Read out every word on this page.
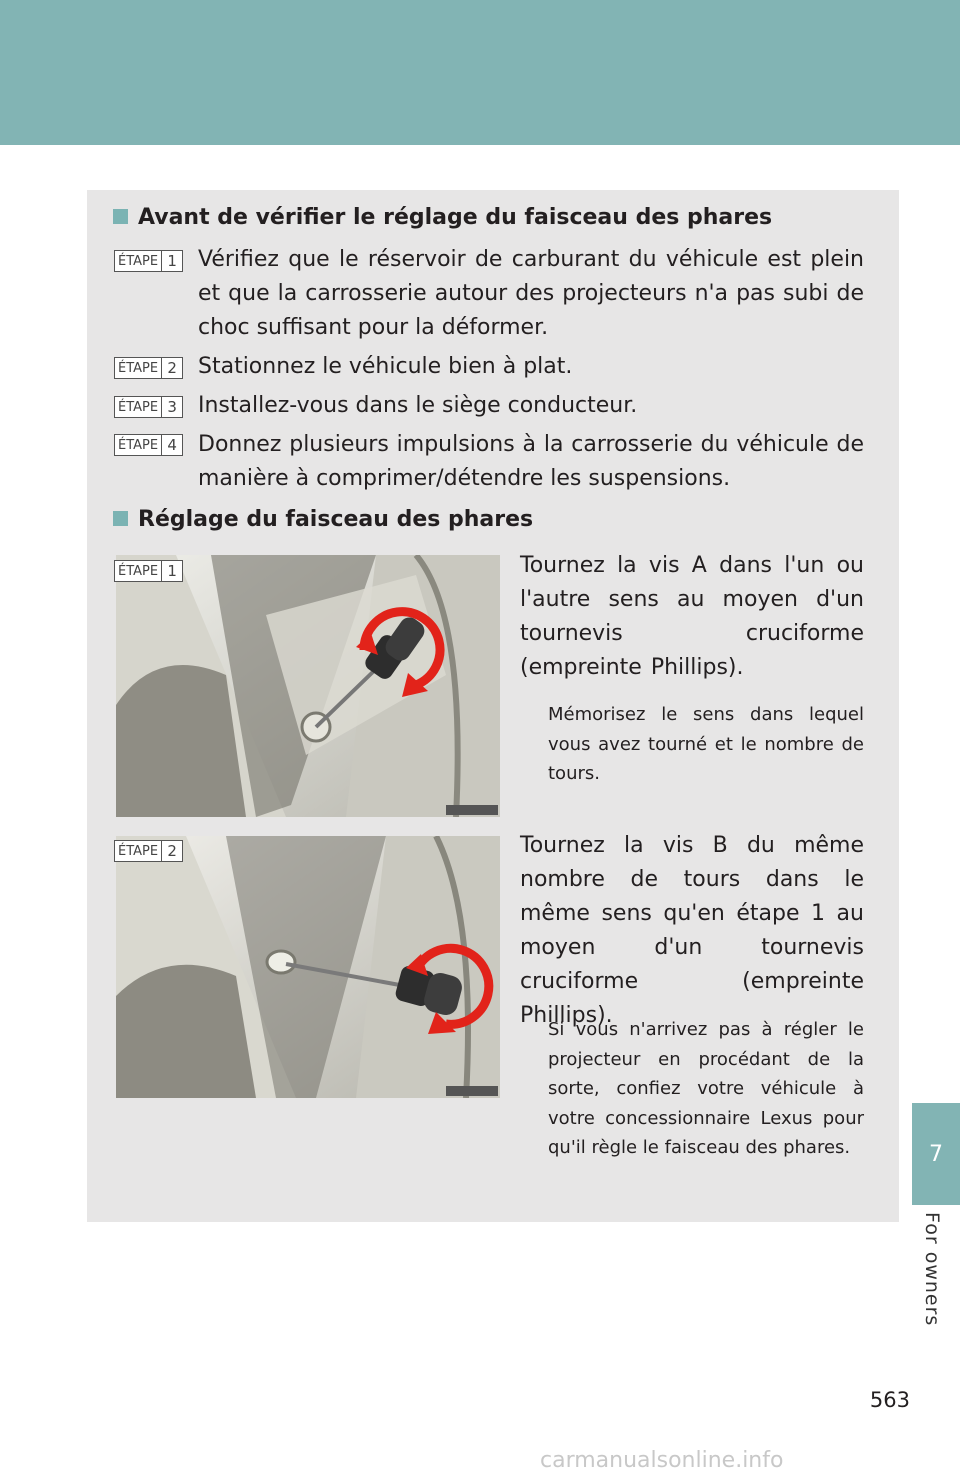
7
For owners
563
carmanualsonline.info
Avant de vérifier le réglage du faisceau des phares
ÉTAPE 1 Vérifiez que le réservoir de carburant du véhicule est plein et que la carrosserie autour des projecteurs n'a pas subi de choc suffisant pour la déformer.
ÉTAPE 2 Stationnez le véhicule bien à plat.
ÉTAPE 3 Installez-vous dans le siège conducteur.
ÉTAPE 4 Donnez plusieurs impulsions à la carrosserie du véhicule de manière à comprimer/détendre les suspensions.
Réglage du faisceau des phares
ÉTAPE 1	Tournez la vis A dans l'un ou l'autre sens au moyen d'un tournevis cruciforme (empreinte Phillips).
Mémorisez le sens dans lequel vous avez tourné et le nombre de tours.
ÉTAPE 2	Tournez la vis B du même nombre de tours dans le même sens qu'en étape 1 au moyen d'un tournevis cruciforme (empreinte Phillips).
Si vous n'arrivez pas à régler le projecteur en procédant de la sorte, confiez votre véhicule à votre concessionnaire Lexus pour qu'il règle le faisceau des phares.
